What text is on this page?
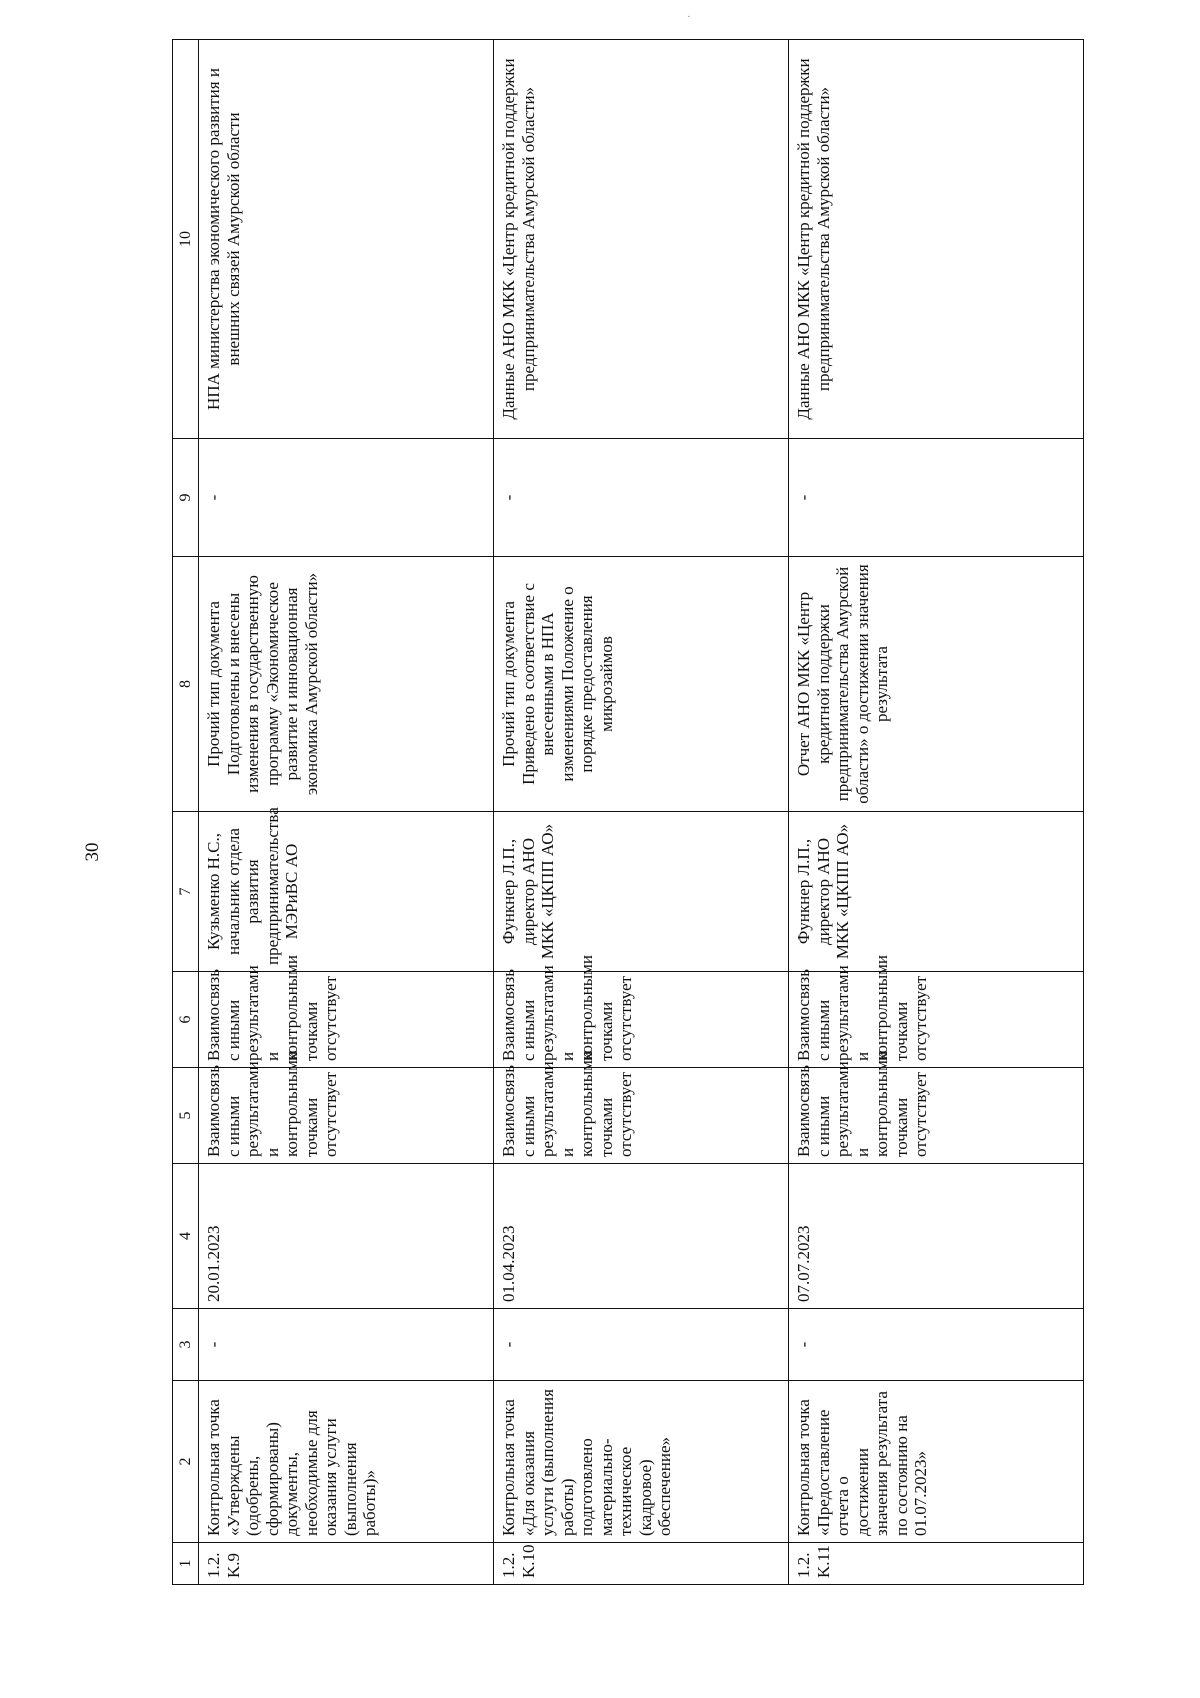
30
·
1	2	3	4	5	6	7	8	9	10
1.2. K.9	Контрольная точка «Утверждены (одобрены, сформированы) документы, необходимые для оказания услуги (выполнения работы)»	-	20.01.2023	Взаимосвязь с иными результатами и контрольными точками отсутствует	Взаимосвязь с иными результатами и контрольными точками отсутствует	Кузьменко Н.С., начальник отдела развития предпринимательства МЭРиВС АО	Прочий тип документа Подготовлены и внесены изменения в государственную программу «Экономическое развитие и инновационная экономика Амурской области»	-	НПА министерства экономического развития и внешних связей Амурской области
1.2. K.10	Контрольная точка «Для оказания услуги (выполнения работы) подготовлено материально-техническое (кадровое) обеспечение»	-	01.04.2023	Взаимосвязь с иными результатами и контрольными точками отсутствует	Взаимосвязь с иными результатами и контрольными точками отсутствует	Функнер Л.П., директор АНО МКК «ЦКПП АО»	Прочий тип документа Приведено в соответствие с внесенными в НПА изменениями Положение о порядке предоставления микрозаймов	-	Данные АНО МКК «Центр кредитной поддержки предпринимательства Амурской области»
1.2. K.11	Контрольная точка «Предоставление отчета о достижении значения результата по состоянию на 01.07.2023»	-	07.07.2023	Взаимосвязь с иными результатами и контрольными точками отсутствует	Взаимосвязь с иными результатами и контрольными точками отсутствует	Функнер Л.П., директор АНО МКК «ЦКПП АО»	Отчет АНО МКК «Центр кредитной поддержки предпринимательства Амурской области» о достижении значения результата	-	Данные АНО МКК «Центр кредитной поддержки предпринимательства Амурской области»
